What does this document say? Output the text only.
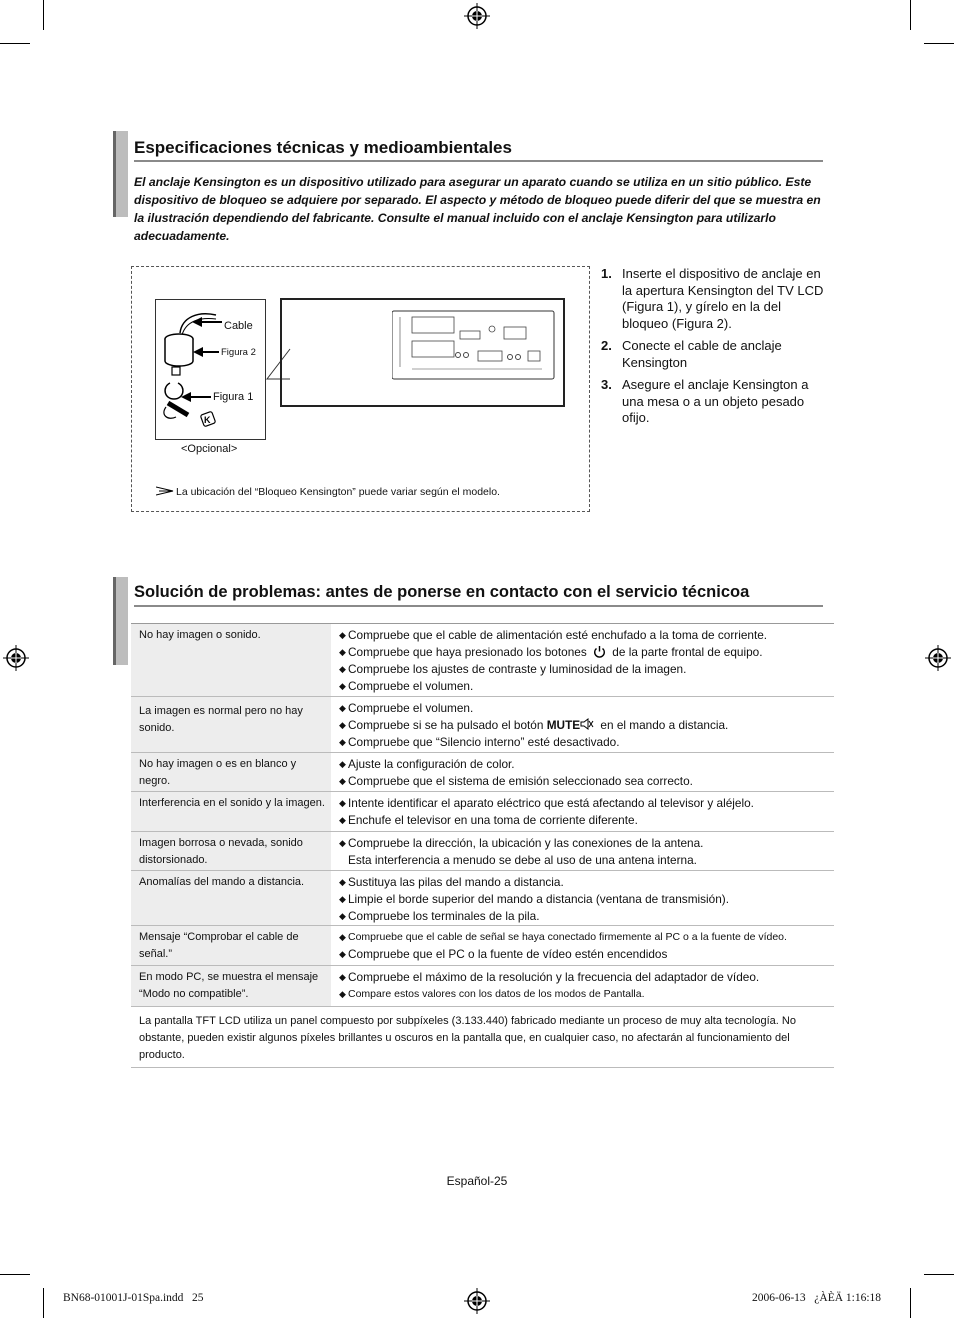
Especificaciones técnicas y medioambientales
El anclaje Kensington es un dispositivo utilizado para asegurar un aparato cuando se utiliza en un sitio público. Este dispositivo de bloqueo se adquiere por separado. El aspecto y método de bloqueo puede diferir del que se muestra en la ilustración dependiendo del fabricante. Consulte el manual incluido con el anclaje Kensington para utilizarlo adecuadamente.
K
Cable
Figura 2
Figura 1
<Opcional>
La ubicación del “Bloqueo Kensington” puede variar según el modelo.
1. Inserte el dispositivo de anclaje en la apertura Kensington del TV LCD (Figura 1), y gírelo en la del bloqueo (Figura 2).
2. Conecte el cable de anclaje Kensington
3. Asegure el anclaje Kensington a una mesa o a un objeto pesado ofijo.
Solución de problemas: antes de ponerse en contacto con el servicio técnicoa
No hay imagen o sonido.	◆ Compruebe que el cable de alimentación esté enchufado a la toma de corriente.
◆ Compruebe que haya presionado los botones de la parte frontal de equipo.
◆ Compruebe los ajustes de contraste y luminosidad de la imagen.
◆ Compruebe el volumen.
La imagen es normal pero no hay sonido.
◆ Compruebe el volumen.
◆ Compruebe si se ha pulsado el botón MUTE en el mando a distancia.
◆ Compruebe que “Silencio interno” esté desactivado.
No hay imagen o es en blanco y negro.
◆ Ajuste la configuración de color.
◆ Compruebe que el sistema de emisión seleccionado sea correcto.
Interferencia en el sonido y la imagen.	◆ Intente identificar el aparato eléctrico que está afectando al televisor y aléjelo.
◆ Enchufe el televisor en una toma de corriente diferente.
Imagen borrosa o nevada, sonido distorsionado.
◆ Compruebe la dirección, la ubicación y las conexiones de la antena.
Esta interferencia a menudo se debe al uso de una antena interna.
Anomalías del mando a distancia.	◆ Sustituya las pilas del mando a distancia.
◆ Limpie el borde superior del mando a distancia (ventana de transmisión).
◆ Compruebe los terminales de la pila.
Mensaje “Comprobar el cable de señal.”
◆ Compruebe que el cable de señal se haya conectado firmemente al PC o a la fuente de vídeo.
◆ Compruebe que el PC o la fuente de vídeo estén encendidos
En modo PC, se muestra el mensaje “Modo no compatible”.
◆ Compruebe el máximo de la resolución y la frecuencia del adaptador de vídeo.
◆ Compare estos valores con los datos de los modos de Pantalla.
La pantalla TFT LCD utiliza un panel compuesto por subpíxeles (3.133.440) fabricado mediante un proceso de muy alta tecnología. No obstante, pueden existir algunos píxeles brillantes u oscuros en la pantalla que, en cualquier caso, no afectarán al funcionamiento del producto.
Español-25
BN68-01001J-01Spa.indd   25	2006-06-13   ¿ÀÈÄ 1:16:18
